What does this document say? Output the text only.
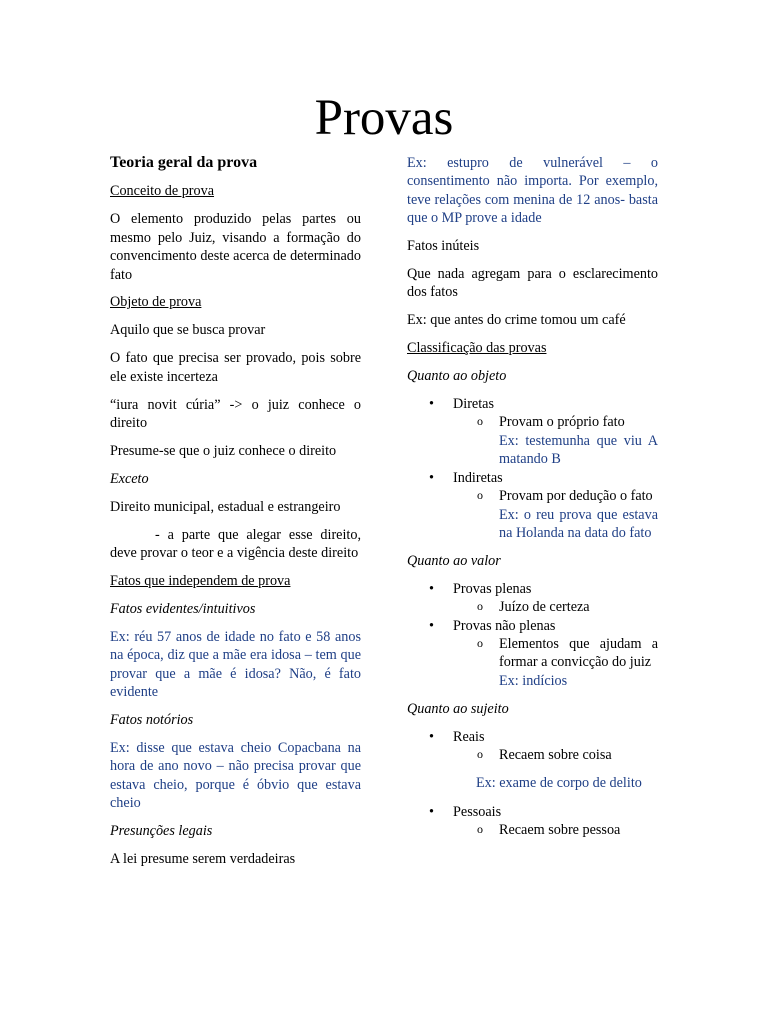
Provas

Teoria geral da prova

Conceito de prova

O elemento produzido pelas partes ou mesmo pelo Juiz, visando a formação do convencimento deste acerca de determinado fato

Objeto de prova

Aquilo que se busca provar

O fato que precisa ser provado, pois sobre ele existe incerteza

“iura novit cúria” -> o juiz conhece o direito

Presume-se que o juiz conhece o direito

Exceto

Direito municipal, estadual e estrangeiro

- a parte que alegar esse direito, deve provar o teor e a vigência deste direito

Fatos que independem de prova

Fatos evidentes/intuitivos

Ex: réu 57 anos de idade no fato e 58 anos na época, diz que a mãe era idosa – tem que provar que a mãe é idosa? Não, é fato evidente

Fatos notórios

Ex: disse que estava cheio Copacbana na hora de ano novo – não precisa provar que estava cheio, porque é óbvio que estava cheio

Presunções legais

A lei presume serem verdadeiras

Ex: estupro de vulnerável – o consentimento não importa. Por exemplo, teve relações com menina de 12 anos- basta que o MP prove a idade

Fatos inúteis

Que nada agregam para o esclarecimento dos fatos

Ex: que antes do crime tomou um café

Classificação das provas

Quanto ao objeto

• Diretas
o Provam o próprio fato
Ex: testemunha que viu A matando B
• Indiretas
o Provam por dedução o fato
Ex: o reu prova que estava na Holanda na data do fato

Quanto ao valor

• Provas plenas
o Juízo de certeza
• Provas não plenas
o Elementos que ajudam a formar a convicção do juiz
Ex: indícios

Quanto ao sujeito

• Reais
o Recaem sobre coisa

Ex: exame de corpo de delito

• Pessoais
o Recaem sobre pessoa
